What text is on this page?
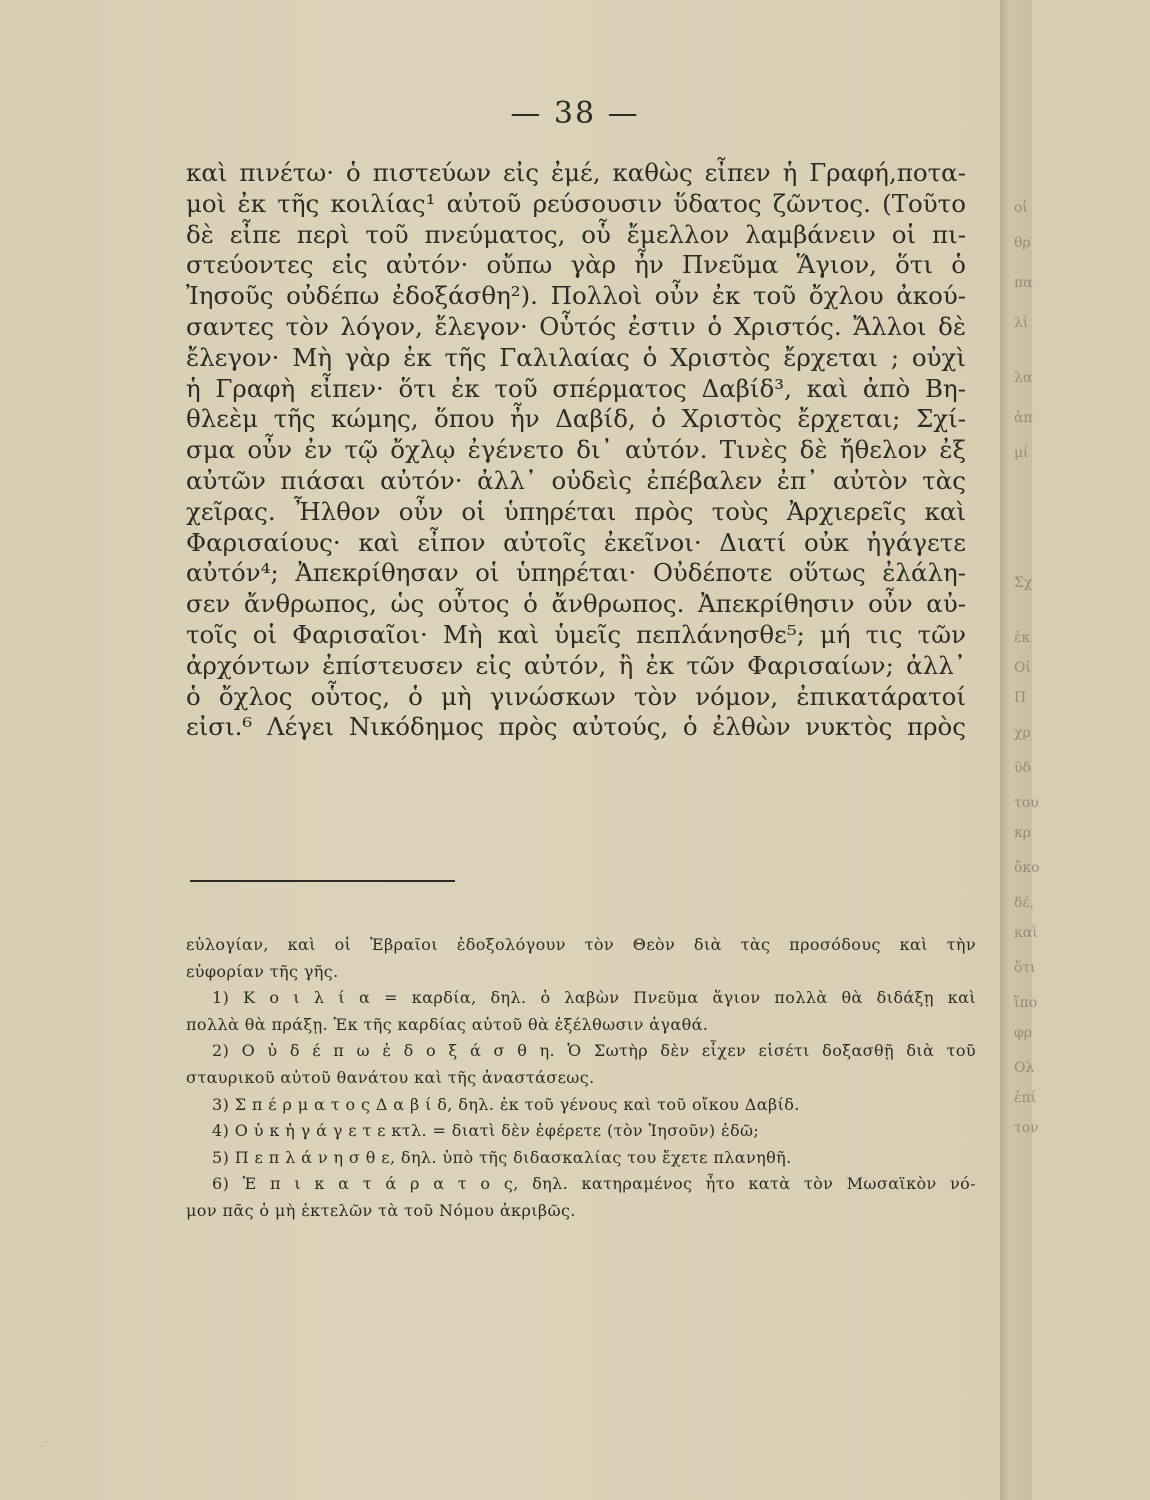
— 38 —
καὶ πινέτω· ὁ πιστεύων εἰς ἐμέ, καθὼς εἶπεν ἡ Γραφή,ποτα-
μοὶ ἐκ τῆς κοιλίας¹ αὐτοῦ ρεύσουσιν ὕδατος ζῶντος. (Τοῦτο
δὲ εἶπε περὶ τοῦ πνεύματος, οὗ ἔμελλον λαμβάνειν οἱ πι-
στεύοντες εἰς αὐτόν· οὔπω γὰρ ἦν Πνεῦμα Ἅγιον, ὅτι ὁ
Ἰησοῦς οὐδέπω ἐδοξάσθη²). Πολλοὶ οὖν ἐκ τοῦ ὄχλου ἀκού-
σαντες τὸν λόγον, ἔλεγον· Οὗτός ἐστιν ὁ Χριστός. Ἄλλοι δὲ
ἔλεγον· Μὴ γὰρ ἐκ τῆς Γαλιλαίας ὁ Χριστὸς ἔρχεται ; οὐχὶ
ἡ Γραφὴ εἶπεν· ὅτι ἐκ τοῦ σπέρματος Δαβίδ³, καὶ ἀπὸ Βη-
θλεὲμ τῆς κώμης, ὅπου ἦν Δαβίδ, ὁ Χριστὸς ἔρχεται; Σχί-
σμα οὖν ἐν τῷ ὄχλῳ ἐγένετο δι᾽ αὐτόν. Τινὲς δὲ ἤθελον ἐξ
αὐτῶν πιάσαι αὐτόν· ἀλλ᾽ οὐδεὶς ἐπέβαλεν ἐπ᾽ αὐτὸν τὰς
χεῖρας. Ἦλθον οὖν οἱ ὑπηρέται πρὸς τοὺς Ἀρχιερεῖς καὶ
Φαρισαίους· καὶ εἶπον αὐτοῖς ἐκεῖνοι· Διατί οὐκ ἠγάγετε
αὐτόν⁴; Ἀπεκρίθησαν οἱ ὑπηρέται· Οὐδέποτε οὕτως ἐλάλη-
σεν ἄνθρωπος, ὡς οὗτος ὁ ἄνθρωπος. Ἀπεκρίθησιν οὖν αὐ-
τοῖς οἱ Φαρισαῖοι· Μὴ καὶ ὑμεῖς πεπλάνησθε⁵; μή τις τῶν
ἀρχόντων ἐπίστευσεν εἰς αὐτόν, ἢ ἐκ τῶν Φαρισαίων; ἀλλ᾽
ὁ ὄχλος οὗτος, ὁ μὴ γινώσκων τὸν νόμον, ἐπικατάρατοί
εἰσι.⁶ Λέγει Νικόδημος πρὸς αὐτούς, ὁ ἐλθὼν νυκτὸς πρὸς
εὐλογίαν, καὶ οἱ Ἑβραῖοι ἐδοξολόγουν τὸν Θεὸν διὰ τὰς προσόδους καὶ τὴν
εὐφορίαν τῆς γῆς.
1) Κ ο ι λ ί α = καρδία, δηλ. ὁ λαβὼν Πνεῦμα ἅγιον πολλὰ θὰ διδάξῃ καὶ
πολλὰ θὰ πράξῃ. Ἐκ τῆς καρδίας αὐτοῦ θὰ ἐξέλθωσιν ἀγαθά.
2) Ο ὐ δ έ π ω ἐ δ ο ξ ά σ θ η. Ὁ Σωτὴρ δὲν εἶχεν εἰσέτι δοξασθῇ διὰ τοῦ
σταυρικοῦ αὐτοῦ θανάτου καὶ τῆς ἀναστάσεως.
3) Σ π έ ρ μ α τ ο ς Δ α β ί δ, δηλ. ἐκ τοῦ γένους καὶ τοῦ οἴκου Δαβίδ.
4) Ο ὐ κ ἠ γ ά γ ε τ ε κτλ. = διατὶ δὲν ἐφέρετε (τὸν Ἰησοῦν) ἐδῶ;
5) Π ε π λ ά ν η σ θ ε, δηλ. ὑπὸ τῆς διδασκαλίας του ἔχετε πλανηθῆ.
6) Ἐ π ι κ α τ ά ρ α τ ο ς, δηλ. κατηραμένος ἦτο κατὰ τὸν Μωσαϊκὸν νό-
μον πᾶς ὁ μὴ ἐκτελῶν τὰ τοῦ Νόμου ἀκριβῶς.
·˙·
οἱ
θρ
πα
λί
λα
ἀπ
μί
Σχ
ἐκ
Οἱ
Π
χρ
ῦδ
του
κρ
ὅκο
δέ,
καὶ
ὅτι
ἵπο
φρ
Ολ
ἐπί
τον
